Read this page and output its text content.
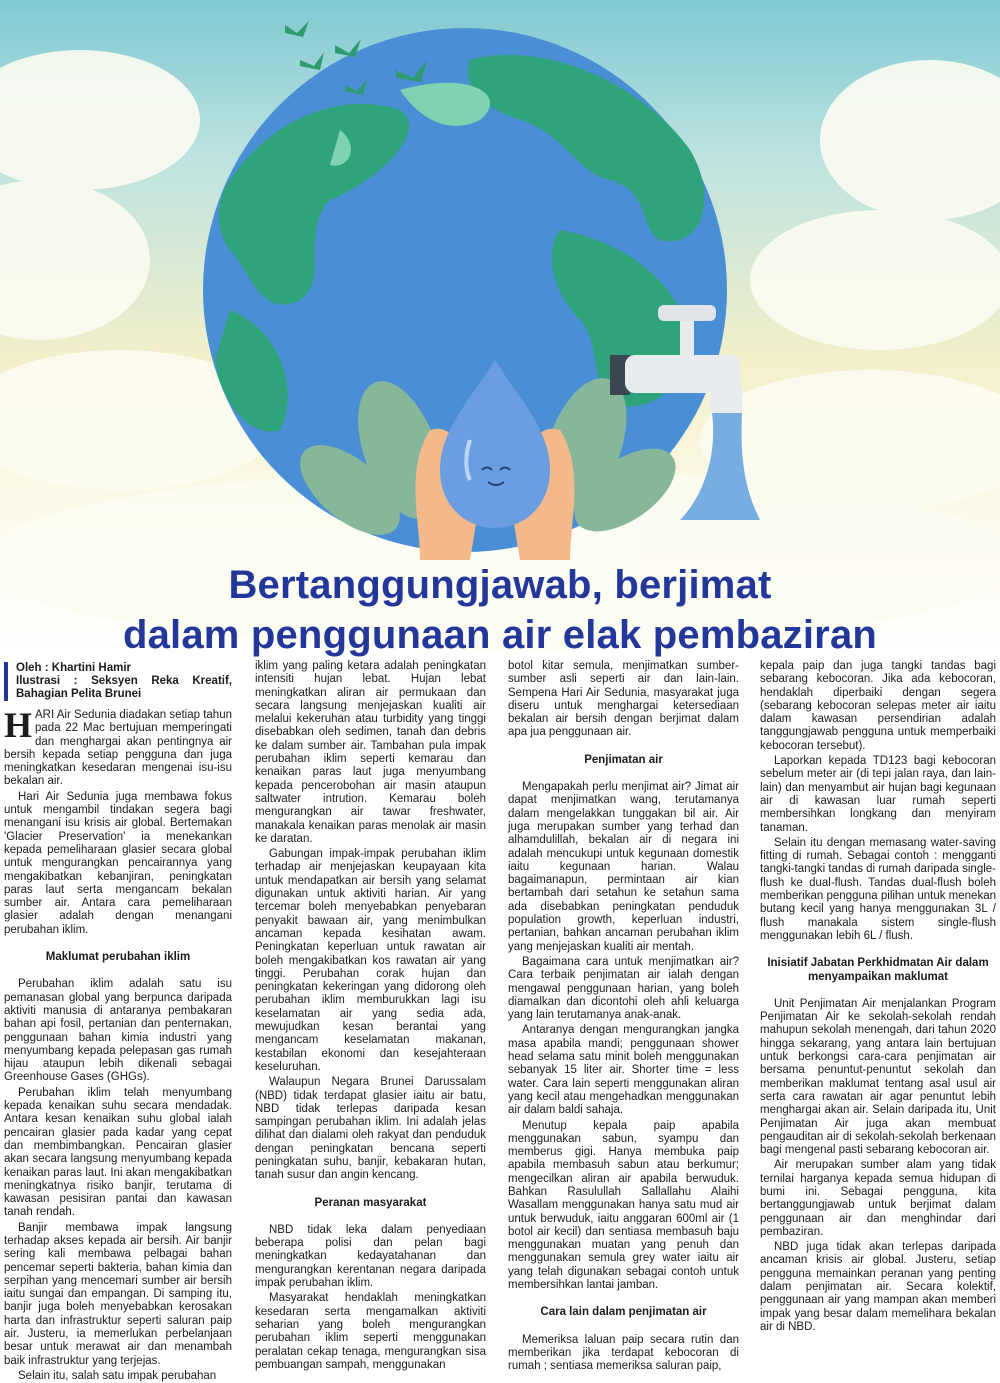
Bertanggungjawab, berjimat
dalam penggunaan air elak pembaziran
Oleh : Khartini Hamir
Ilustrasi : Seksyen Reka Kreatif, Bahagian Pelita Brunei

HARI Air Sedunia diadakan setiap tahun pada 22 Mac bertujuan memperingati dan menghargai akan pentingnya air bersih kepada setiap pengguna dan juga meningkatkan kesedaran mengenai isu-isu bekalan air.

Hari Air Sedunia juga membawa fokus untuk mengambil tindakan segera bagi menangani isu krisis air global. Bertemakan 'Glacier Preservation' ia menekankan kepada pemeliharaan glasier secara global untuk mengurangkan pencairannya yang mengakibatkan kebanjiran, peningkatan paras laut serta mengancam bekalan sumber air. Antara cara pemeliharaan glasier adalah dengan menangani perubahan iklim.

Maklumat perubahan iklim

Perubahan iklim adalah satu isu pemanasan global yang berpunca daripada aktiviti manusia di antaranya pembakaran bahan api fosil, pertanian dan penternakan, penggunaan bahan kimia industri yang menyumbang kepada pelepasan gas rumah hijau ataupun lebih dikenali sebagai Greenhouse Gases (GHGs).

Perubahan iklim telah menyumbang kepada kenaikan suhu secara mendadak. Antara kesan kenaikan suhu global ialah pencairan glasier pada kadar yang cepat dan membimbangkan. Pencairan glasier akan secara langsung menyumbang kepada kenaikan paras laut. Ini akan mengakibatkan meningkatnya risiko banjir, terutama di kawasan pesisiran pantai dan kawasan tanah rendah.

Banjir membawa impak langsung terhadap akses kepada air bersih. Air banjir sering kali membawa pelbagai bahan pencemar seperti bakteria, bahan kimia dan serpihan yang mencemari sumber air bersih iaitu sungai dan empangan. Di samping itu, banjir juga boleh menyebabkan kerosakan harta dan infrastruktur seperti saluran paip air. Justeru, ia memerlukan perbelanjaan besar untuk merawat air dan menambah baik infrastruktur yang terjejas.

Selain itu, salah satu impak perubahan

iklim yang paling ketara adalah peningkatan intensiti hujan lebat. Hujan lebat meningkatkan aliran air permukaan dan secara langsung menjejaskan kualiti air melalui kekeruhan atau turbidity yang tinggi disebabkan oleh sedimen, tanah dan debris ke dalam sumber air. Tambahan pula impak perubahan iklim seperti kemarau dan kenaikan paras laut juga menyumbang kepada pencerobohan air masin ataupun saltwater intrution. Kemarau boleh mengurangkan air tawar freshwater, manakala kenaikan paras menolak air masin ke daratan.

Gabungan impak-impak perubahan iklim terhadap air menjejaskan keupayaan kita untuk mendapatkan air bersih yang selamat digunakan untuk aktiviti harian. Air yang tercemar boleh menyebabkan penyebaran penyakit bawaan air, yang menimbulkan ancaman kepada kesihatan awam. Peningkatan keperluan untuk rawatan air boleh mengakibatkan kos rawatan air yang tinggi. Perubahan corak hujan dan peningkatan kekeringan yang didorong oleh perubahan iklim memburukkan lagi isu keselamatan air yang sedia ada, mewujudkan kesan berantai yang mengancam keselamatan makanan, kestabilan ekonomi dan kesejahteraan keseluruhan.

Walaupun Negara Brunei Darussalam (NBD) tidak terdapat glasier iaitu air batu, NBD tidak terlepas daripada kesan sampingan perubahan iklim. Ini adalah jelas dilihat dan dialami oleh rakyat dan penduduk dengan peningkatan bencana seperti peningkatan suhu, banjir, kebakaran hutan, tanah susur dan angin kencang.

Peranan masyarakat

NBD tidak leka dalam penyediaan beberapa polisi dan pelan bagi meningkatkan kedayatahanan dan mengurangkan kerentanan negara daripada impak perubahan iklim.

Masyarakat hendaklah meningkatkan kesedaran serta mengamalkan aktiviti seharian yang boleh mengurangkan perubahan iklim seperti menggunakan peralatan cekap tenaga, mengurangkan sisa pembuangan sampah, menggunakan

botol kitar semula, menjimatkan sumber-sumber asli seperti air dan lain-lain. Sempena Hari Air Sedunia, masyarakat juga diseru untuk menghargai ketersediaan bekalan air bersih dengan berjimat dalam apa jua penggunaan air.

Penjimatan air

Mengapakah perlu menjimat air? Jimat air dapat menjimatkan wang, terutamanya dalam mengelakkan tunggakan bil air. Air juga merupakan sumber yang terhad dan alhamdulillah, bekalan air di negara ini adalah mencukupi untuk kegunaan domestik iaitu kegunaan harian. Walau bagaimanapun, permintaan air kian bertambah dari setahun ke setahun sama ada disebabkan peningkatan penduduk population growth, keperluan industri, pertanian, bahkan ancaman perubahan iklim yang menjejaskan kualiti air mentah.

Bagaimana cara untuk menjimatkan air? Cara terbaik penjimatan air ialah dengan mengawal penggunaan harian, yang boleh diamalkan dan dicontohi oleh ahli keluarga yang lain terutamanya anak-anak.

Antaranya dengan mengurangkan jangka masa apabila mandi; penggunaan shower head selama satu minit boleh menggunakan sebanyak 15 liter air. Shorter time = less water. Cara lain seperti menggunakan aliran yang kecil atau mengehadkan menggunakan air dalam baldi sahaja.

Menutup kepala paip apabila menggunakan sabun, syampu dan memberus gigi. Hanya membuka paip apabila membasuh sabun atau berkumur; mengecilkan aliran air apabila berwuduk. Bahkan Rasulullah Sallallahu Alaihi Wasallam menggunakan hanya satu mud air untuk berwuduk, iaitu anggaran 600ml air (1 botol air kecil) dan sentiasa membasuh baju menggunakan muatan yang penuh dan menggunakan semula grey water iaitu air yang telah digunakan sebagai contoh untuk membersihkan lantai jamban.

Cara lain dalam penjimatan air

Memeriksa laluan paip secara rutin dan memberikan jika terdapat kebocoran di rumah ; sentiasa memeriksa saluran paip,

kepala paip dan juga tangki tandas bagi sebarang kebocoran. Jika ada kebocoran, hendaklah diperbaiki dengan segera (sebarang kebocoran selepas meter air iaitu dalam kawasan persendirian adalah tanggungjawab pengguna untuk memperbaiki kebocoran tersebut).

Laporkan kepada TD123 bagi kebocoran sebelum meter air (di tepi jalan raya, dan lain-lain) dan menyambut air hujan bagi kegunaan air di kawasan luar rumah seperti membersihkan longkang dan menyiram tanaman.

Selain itu dengan memasang water-saving fitting di rumah. Sebagai contoh : mengganti tangki-tangki tandas di rumah daripada single-flush ke dual-flush. Tandas dual-flush boleh memberikan pengguna pilihan untuk menekan butang kecil yang hanya menggunakan 3L / flush manakala sistem single-flush menggunakan lebih 6L / flush.

Inisiatif Jabatan Perkhidmatan Air dalam menyampaikan maklumat

Unit Penjimatan Air menjalankan Program Penjimatan Air ke sekolah-sekolah rendah mahupun sekolah menengah, dari tahun 2020 hingga sekarang, yang antara lain bertujuan untuk berkongsi cara-cara penjimatan air bersama penuntut-penuntut sekolah dan memberikan maklumat tentang asal usul air serta cara rawatan air agar penuntut lebih menghargai akan air. Selain daripada itu, Unit Penjimatan Air juga akan membuat pengauditan air di sekolah-sekolah berkenaan bagi mengenal pasti sebarang kebocoran air.

Air merupakan sumber alam yang tidak ternilai harganya kepada semua hidupan di bumi ini. Sebagai pengguna, kita bertanggungjawab untuk berjimat dalam penggunaan air dan menghindar dari pembaziran.

NBD juga tidak akan terlepas daripada ancaman krisis air global. Justeru, setiap pengguna memainkan peranan yang penting dalam penjimatan air. Secara kolektif, penggunaan air yang mampan akan memberi impak yang besar dalam memelihara bekalan air di NBD.
